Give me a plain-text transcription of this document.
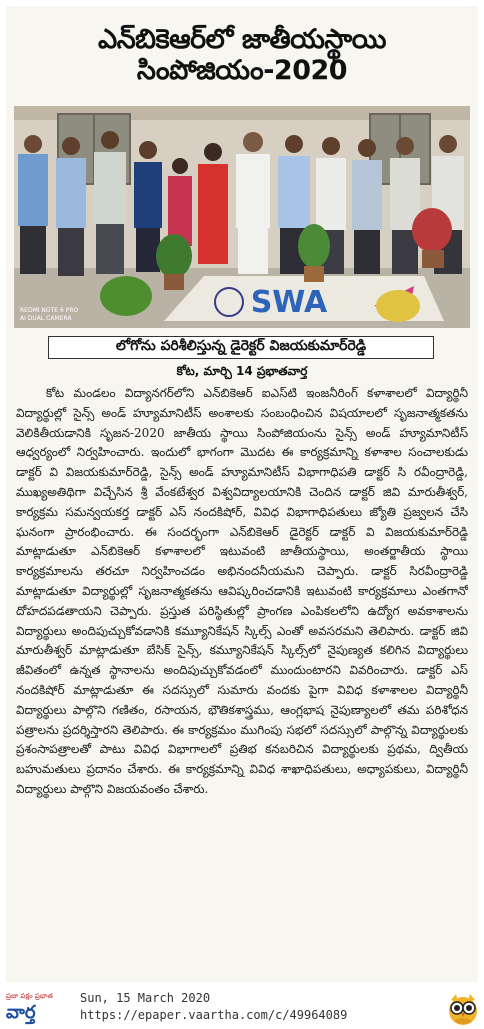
ఎన్‌బికెఆర్‌లో జాతీయస్థాయి సింపోజియం-2020
SWA
REDMI NOTE 6 PRO
AI DUAL CAMERA
లోగోను పరిశీలిస్తున్న డైరెక్టర్ విజయకుమార్‌రెడ్డి
కోట, మార్చి 14 ప్రభాతవార్త

కోట మండలం విద్యానగర్‌లోని ఎన్‌బికెఆర్ ఐఎస్‌టి ఇంజనీరింగ్ కళాశాలలో విద్యార్థినీ విద్యార్థుల్లో సైన్స్ అండ్ హ్యూమానిటీస్ అంశాలకు సంబంధించిన విషయాలలో సృజనాత్మకతను వెలికితీయడానికి సృజన-2020 జాతీయ స్థాయి సింపోజియంను సైన్స్ అండ్ హ్యూమానిటీస్ ఆధ్వర్యంలో నిర్వహించారు. ఇందులో భాగంగా మొదట ఈ కార్యక్రమాన్ని కళాశాల సంచాలకుడు డాక్టర్ వి విజయకుమార్‌రెడ్డి, సైన్స్ అండ్ హ్యూమానిటీస్ విభాగాధిపతి డాక్టర్ సి రవీంద్రారెడ్డి, ముఖ్యఅతిథిగా విచ్చేసిన శ్రీ వేంకటేశ్వర విశ్వవిద్యాలయానికి చెందిన డాక్టర్ జివి మారుతీశ్వర్, కార్యక్రమ సమన్వయకర్త డాక్టర్ ఎస్ నందకిషోర్, వివిధ విభాగాధిపతులు జ్యోతి ప్రజ్వలన చేసి ఘనంగా ప్రారంభించారు. ఈ సందర్భంగా ఎన్‌బికెఆర్ డైరెక్టర్ డాక్టర్ వి విజయకుమార్‌రెడ్డి మాట్లాడుతూ ఎన్‌బికెఆర్ కళాశాలలో ఇటువంటి జాతీయస్థాయి, అంతర్జాతీయ స్థాయి కార్యక్రమాలను తరచూ నిర్వహించడం అభినందనీయమని చెప్పారు. డాక్టర్ సిరవీంద్రారెడ్డి మాట్లాడుతూ విద్యార్థుల్లో సృజనాత్మకతను ఆవిష్కరించడానికి ఇటువంటి కార్యక్రమాలు ఎంతగానో దోహదపడతాయని చెప్పారు. ప్రస్తుత పరిస్థితుల్లో ప్రాంగణ ఎంపికలలోని ఉద్యోగ అవకాశాలను విద్యార్థులు అందిపుచ్చుకోవడానికి కమ్యూనికేషన్ స్కిల్స్ ఎంతో అవసరమని తెలిపారు. డాక్టర్ జివి మారుతీశ్వర్ మాట్లాడుతూ బేసిక్ సైన్స్, కమ్యూనికేషన్ స్కిల్స్‌లో నైపుణ్యత కలిగిన విద్యార్థులు జీవితంలో ఉన్నత స్థానాలను అందిపుచ్చుకోవడంలో ముందుంటారని వివరించారు. డాక్టర్ ఎస్ నందకిషోర్ మాట్లాడుతూ ఈ సదస్సులో సుమారు వందకు పైగా వివిధ కళాశాలల విద్యార్థినీ విద్యార్థులు పాల్గొని గణితం, రసాయన, భౌతికశాస్త్రము, ఆంగ్లభాష నైపుణ్యాలలో తమ పరిశోధన పత్రాలను ప్రదర్శిస్తారని తెలిపారు. ఈ కార్యక్రమం ముగింపు సభలో సదస్సులో పాల్గొన్న విద్యార్థులకు ప్రశంసాపత్రాలతో పాటు వివిధ విభాగాలలో ప్రతిభ కనబరిచిన విద్యార్థులకు ప్రథమ, ద్వితీయ బహుమతులు ప్రదానం చేశారు. ఈ కార్యక్రమాన్ని వివిధ శాఖాధిపతులు, అధ్యాపకులు, విద్యార్థినీ విద్యార్థులు పాల్గొని విజయవంతం చేశారు.

ప్రజా పక్షం ప్రభాత
వార్త
Sun, 15 March 2020
https://epaper.vaartha.com/c/49964089
